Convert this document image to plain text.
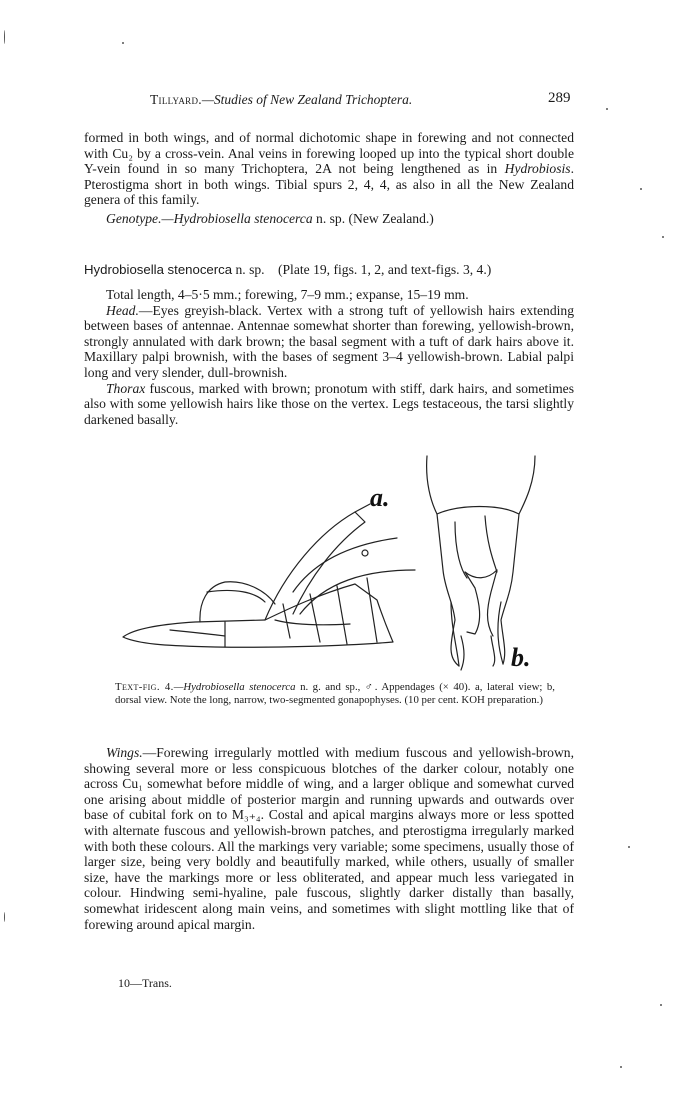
Tillyard.—Studies of New Zealand Trichoptera.	289

formed in both wings, and of normal dichotomic shape in forewing and not connected with Cu₂ by a cross-vein. Anal veins in forewing looped up into the typical short double Y-vein found in so many Trichoptera, 2A not being lengthened as in Hydrobiosis. Pterostigma short in both wings. Tibial spurs 2, 4, 4, as also in all the New Zealand genera of this family.

Genotype.—Hydrobiosella stenocerca n. sp. (New Zealand.)

Hydrobiosella stenocerca n. sp. (Plate 19, figs. 1, 2, and text-figs. 3, 4.)

Total length, 4–5·5 mm.; forewing, 7–9 mm.; expanse, 15–19 mm.

Head.—Eyes greyish-black. Vertex with a strong tuft of yellowish hairs extending between bases of antennae. Antennae somewhat shorter than forewing, yellowish-brown, strongly annulated with dark brown; the basal segment with a tuft of dark hairs above it. Maxillary palpi brownish, with the bases of segment 3–4 yellowish-brown. Labial palpi long and very slender, dull-brownish.

Thorax fuscous, marked with brown; pronotum with stiff, dark hairs, and sometimes also with some yellowish hairs like those on the vertex. Legs testaceous, the tarsi slightly darkened basally.

a.
b.
Text-fig. 4.—Hydrobiosella stenocerca n. g. and sp., ♂. Appendages (× 40). a, lateral view; b, dorsal view. Note the long, narrow, two-segmented gonapophyses. (10 per cent. KOH preparation.)

Wings.—Forewing irregularly mottled with medium fuscous and yellowish-brown, showing several more or less conspicuous blotches of the darker colour, notably one across Cu₁ somewhat before middle of wing, and a larger oblique and somewhat curved one arising about middle of posterior margin and running upwards and outwards over base of cubital fork on to M₃₊₄. Costal and apical margins always more or less spotted with alternate fuscous and yellowish-brown patches, and pterostigma irregularly marked with both these colours. All the markings very variable; some specimens, usually those of larger size, being very boldly and beautifully marked, while others, usually of smaller size, have the markings more or less obliterated, and appear much less variegated in colour. Hindwing semi-hyaline, pale fuscous, slightly darker distally than basally, somewhat iridescent along main veins, and sometimes with slight mottling like that of forewing around apical margin.

10—Trans.
